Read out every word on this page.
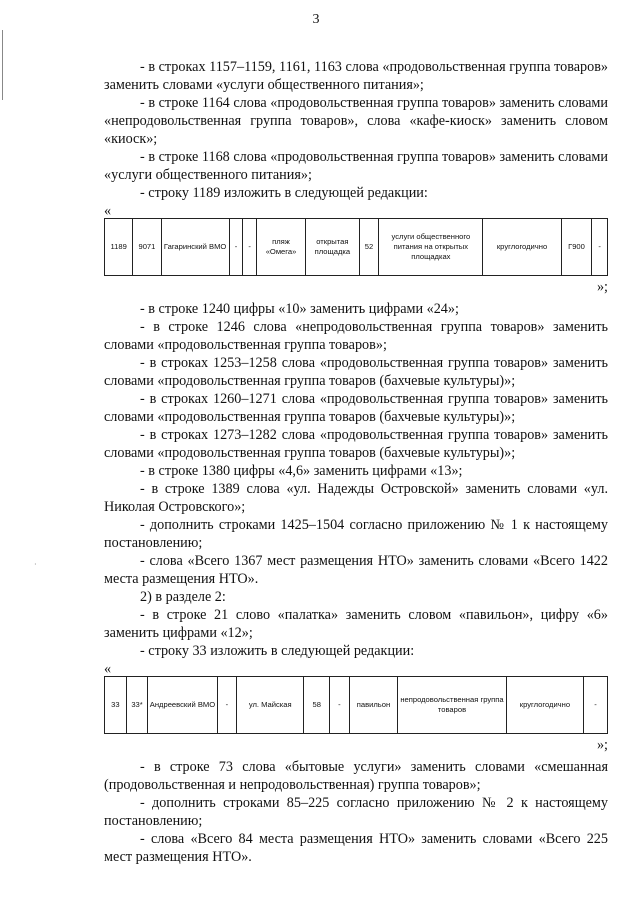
·
3

- в строках 1157–1159, 1161, 1163 слова «продовольственная группа товаров» заменить словами «услуги общественного питания»;

- в строке 1164 слова «продовольственная группа товаров» заменить словами «непродовольственная группа товаров», слова «кафе-киоск» заменить словом «киоск»;

- в строке 1168 слова «продовольственная группа товаров» заменить словами «услуги общественного питания»;

- строку 1189 изложить в следующей редакции:

«
1189	9071	Гагаринский ВМО	-	-	пляж «Омега»	открытая площадка	52	услуги общественного питания на открытых площадках	круглогодично	Г900	-
»;

- в строке 1240 цифры «10» заменить цифрами «24»;

- в строке 1246 слова «непродовольственная группа товаров» заменить словами «продовольственная группа товаров»;

- в строках 1253–1258 слова «продовольственная группа товаров» заменить словами «продовольственная группа товаров (бахчевые культуры)»;

- в строках 1260–1271 слова «продовольственная группа товаров» заменить словами «продовольственная группа товаров (бахчевые культуры)»;

- в строках 1273–1282 слова «продовольственная группа товаров» заменить словами «продовольственная группа товаров (бахчевые культуры)»;

- в строке 1380 цифры «4,6» заменить цифрами «13»;

- в строке 1389 слова «ул. Надежды Островской» заменить словами «ул. Николая Островского»;

- дополнить строками 1425–1504 согласно приложению № 1 к настоящему постановлению;

- слова «Всего 1367 мест размещения НТО» заменить словами «Всего 1422 места размещения НТО».

2) в разделе 2:

- в строке 21 слово «палатка» заменить словом «павильон», цифру «6» заменить цифрами «12»;

- строку 33 изложить в следующей редакции:

«
33	33*	Андреевский ВМО	-	ул. Майская	58	-	павильон	непродовольственная группа товаров	круглогодично	-
»;

- в строке 73 слова «бытовые услуги» заменить словами «смешанная (продовольственная и непродовольственная) группа товаров»;

- дополнить строками 85–225 согласно приложению № 2 к настоящему постановлению;

- слова «Всего 84 места размещения НТО» заменить словами «Всего 225 мест размещения НТО».
